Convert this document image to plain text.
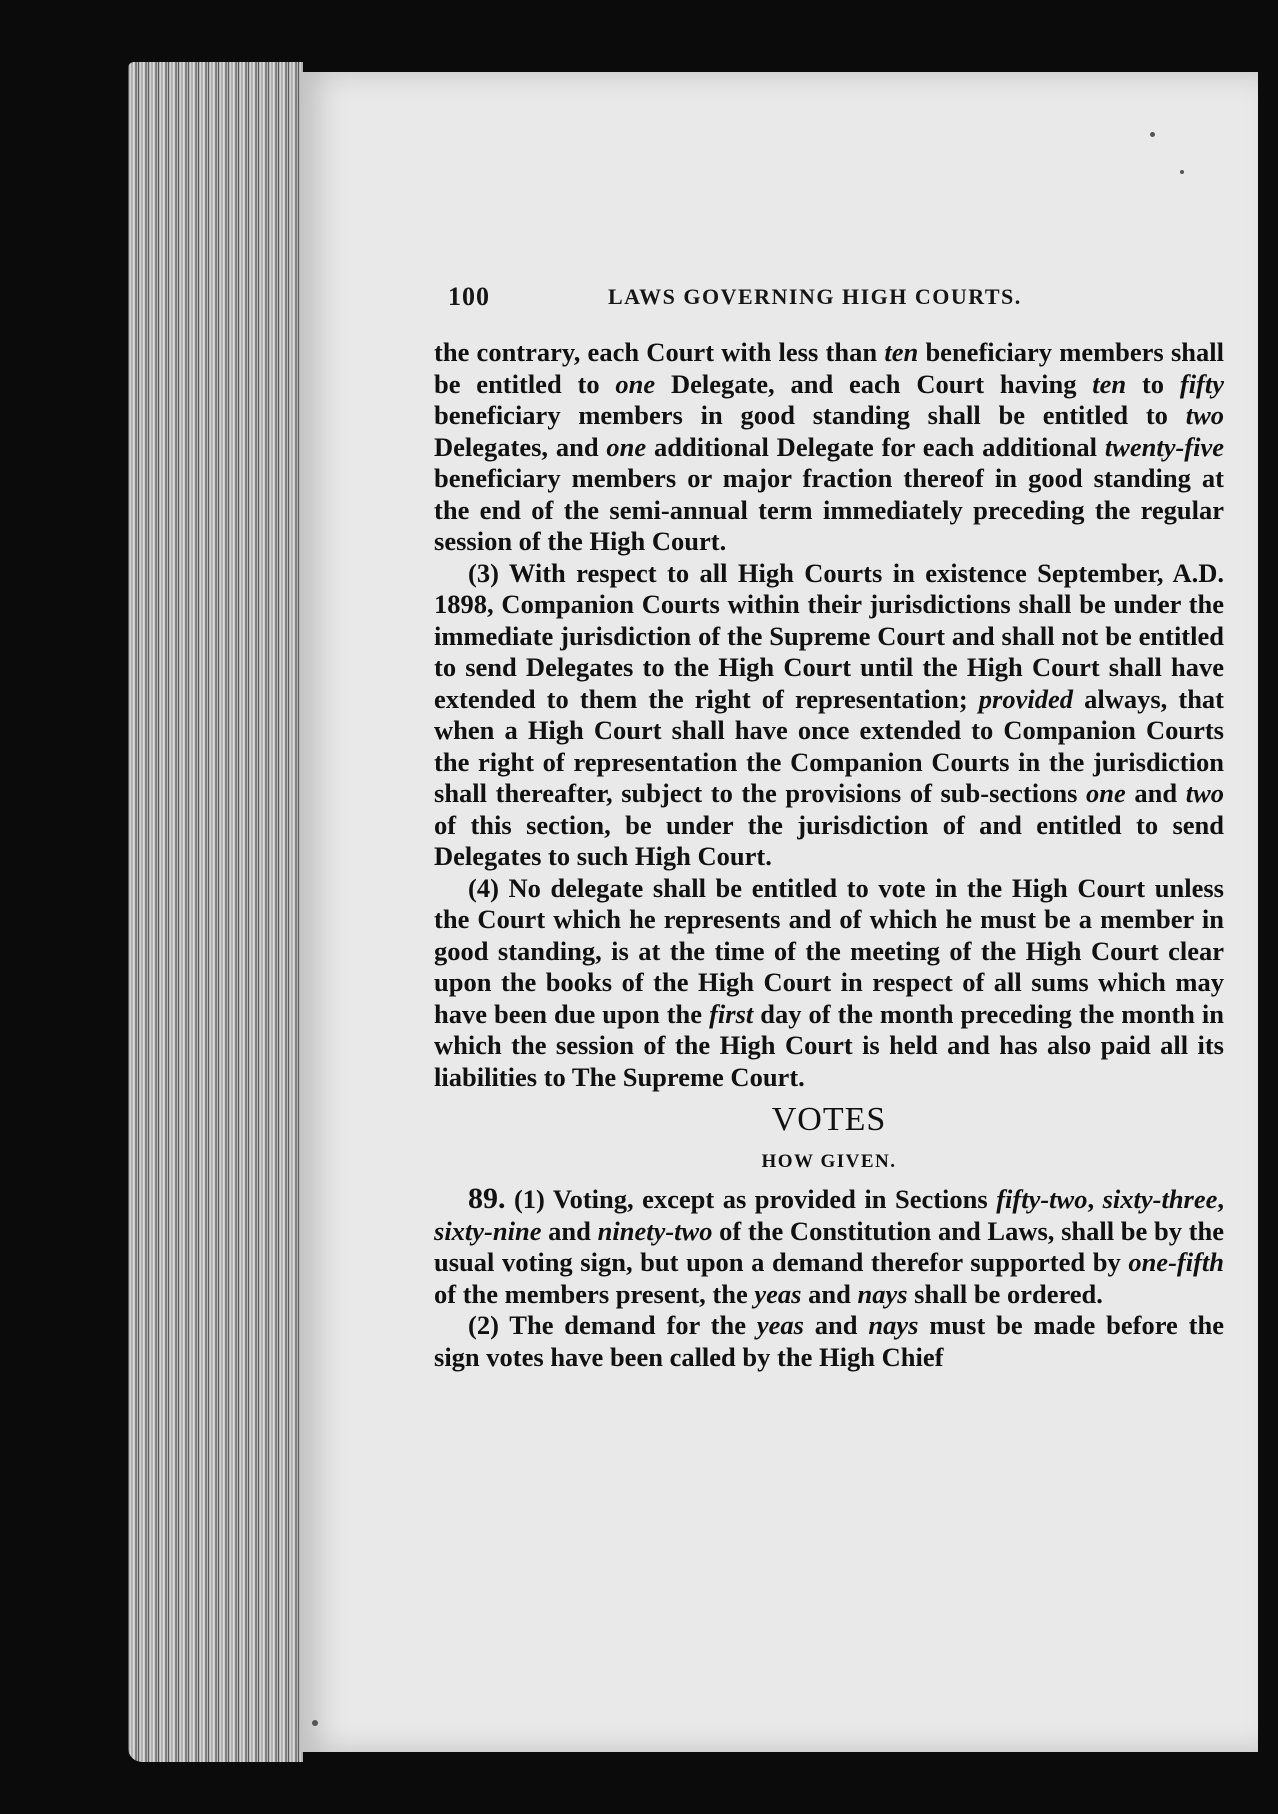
100	LAWS GOVERNING HIGH COURTS.

the contrary, each Court with less than ten beneficiary members shall be entitled to one Delegate, and each Court having ten to fifty beneficiary members in good standing shall be entitled to two Delegates, and one additional Delegate for each additional twenty-five beneficiary members or major fraction thereof in good standing at the end of the semi-annual term immediately preceding the regular session of the High Court.

(3) With respect to all High Courts in existence September, A.D. 1898, Companion Courts within their jurisdictions shall be under the immediate jurisdiction of the Supreme Court and shall not be entitled to send Delegates to the High Court until the High Court shall have extended to them the right of representation; provided always, that when a High Court shall have once extended to Companion Courts the right of representation the Companion Courts in the jurisdiction shall thereafter, subject to the provisions of sub-sections one and two of this section, be under the jurisdiction of and entitled to send Delegates to such High Court.

(4) No delegate shall be entitled to vote in the High Court unless the Court which he represents and of which he must be a member in good standing, is at the time of the meeting of the High Court clear upon the books of the High Court in respect of all sums which may have been due upon the first day of the month preceding the month in which the session of the High Court is held and has also paid all its liabilities to The Supreme Court.

VOTES
HOW GIVEN.

89. (1) Voting, except as provided in Sections fifty-two, sixty-three, sixty-nine and ninety-two of the Constitution and Laws, shall be by the usual voting sign, but upon a demand therefor supported by one-fifth of the members present, the yeas and nays shall be ordered.

(2) The demand for the yeas and nays must be made before the sign votes have been called by the High Chief
